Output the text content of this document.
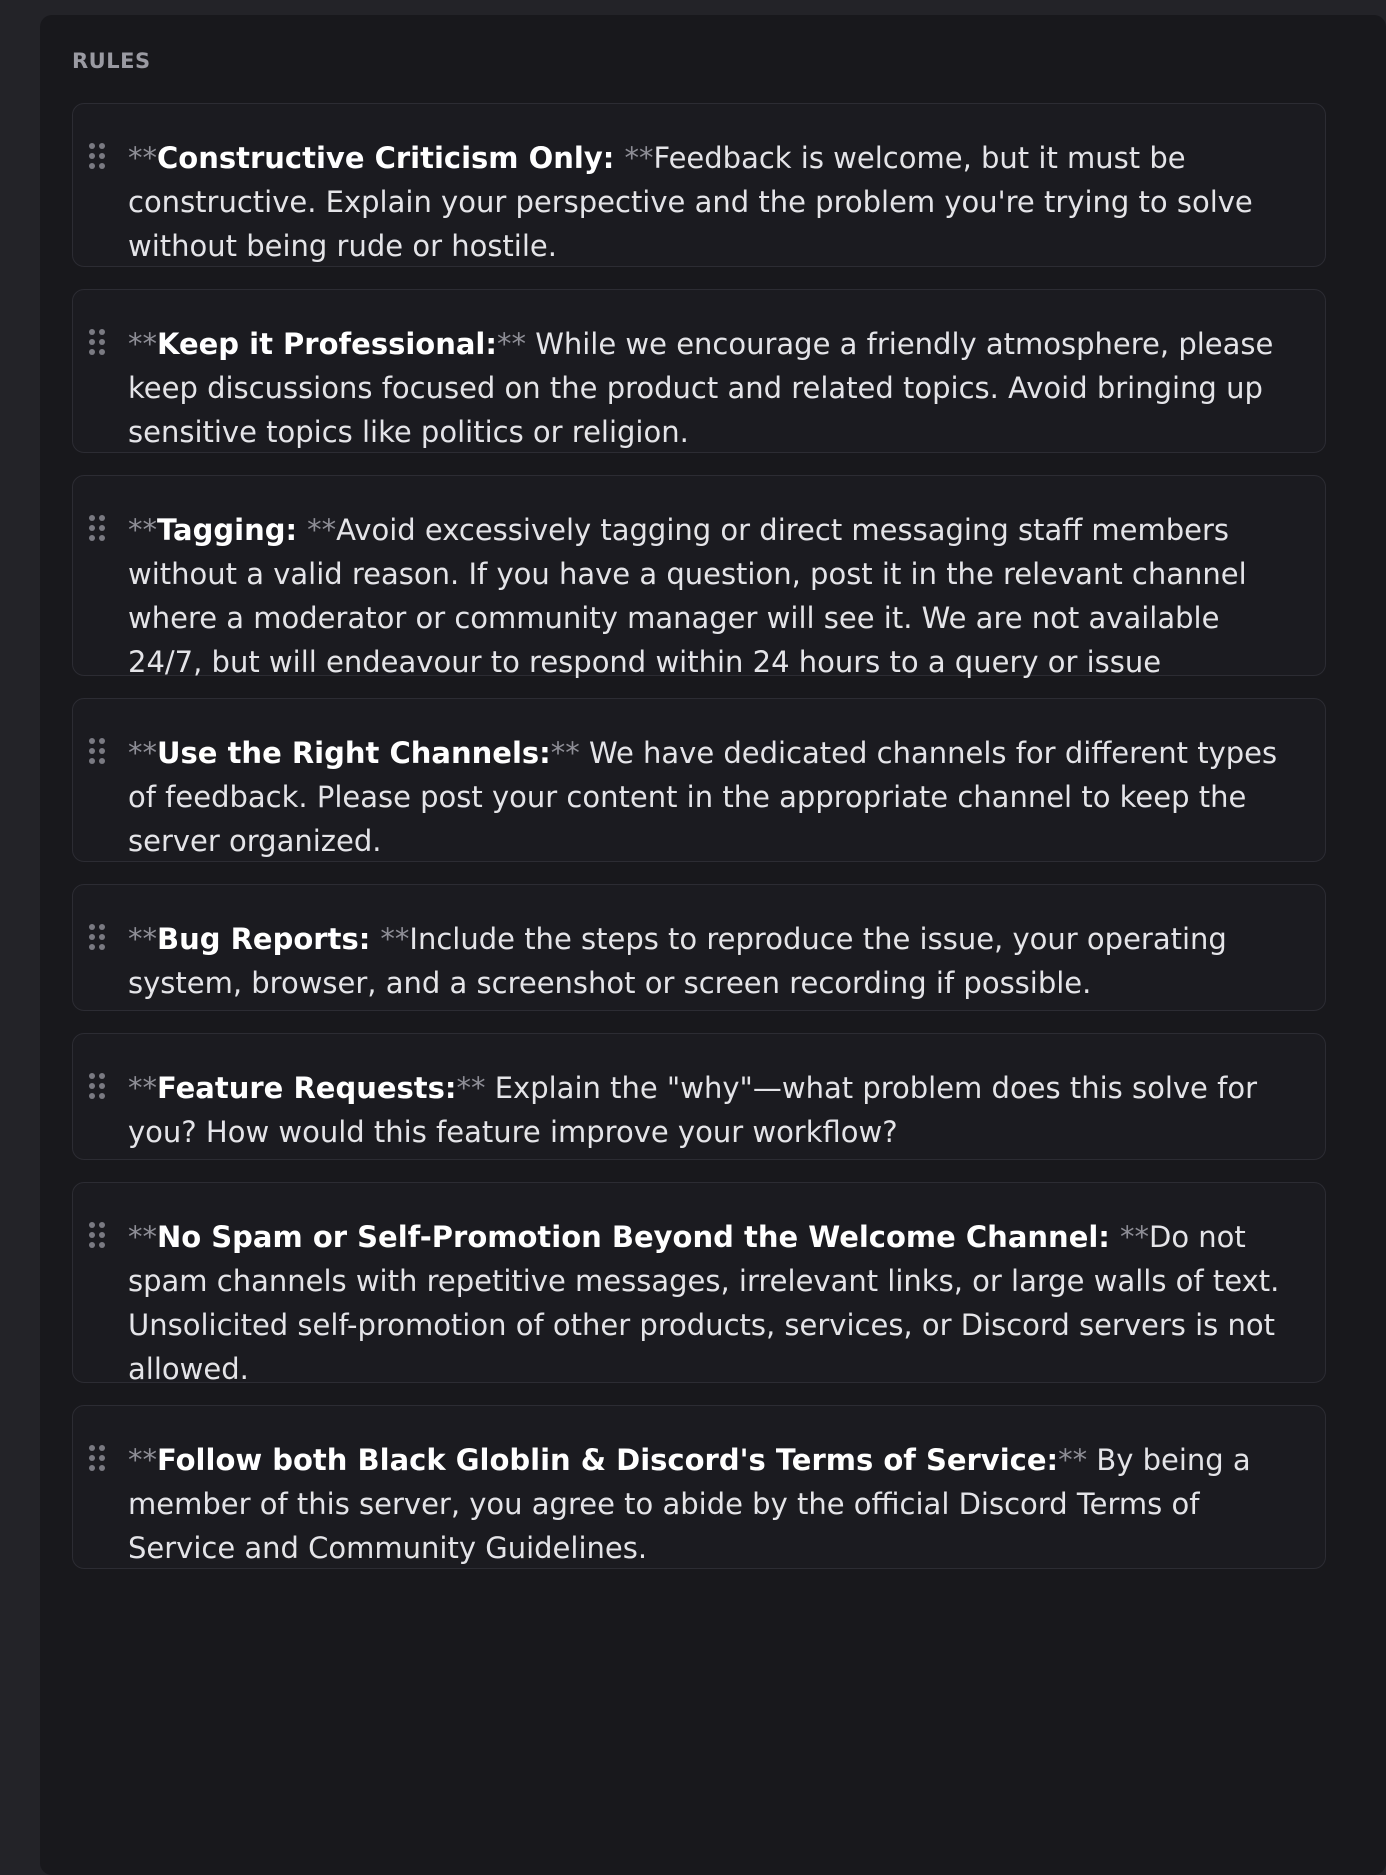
RULES

**Constructive Criticism Only: **Feedback is welcome, but it must be constructive. Explain your perspective and the problem you're trying to solve without being rude or hostile.

**Keep it Professional:** While we encourage a friendly atmosphere, please keep discussions focused on the product and related topics. Avoid bringing up sensitive topics like politics or religion.

**Tagging: **Avoid excessively tagging or direct messaging staff members without a valid reason. If you have a question, post it in the relevant channel where a moderator or community manager will see it. We are not available 24/7, but will endeavour to respond within 24 hours to a query or issue

**Use the Right Channels:** We have dedicated channels for different types of feedback. Please post your content in the appropriate channel to keep the server organized.

**Bug Reports: **Include the steps to reproduce the issue, your operating system, browser, and a screenshot or screen recording if possible.

**Feature Requests:** Explain the "why"—what problem does this solve for you? How would this feature improve your workflow?

**No Spam or Self-Promotion Beyond the Welcome Channel: **Do not spam channels with repetitive messages, irrelevant links, or large walls of text. Unsolicited self-promotion of other products, services, or Discord servers is not allowed.

**Follow both Black Globlin & Discord's Terms of Service:** By being a member of this server, you agree to abide by the official Discord Terms of Service and Community Guidelines.
